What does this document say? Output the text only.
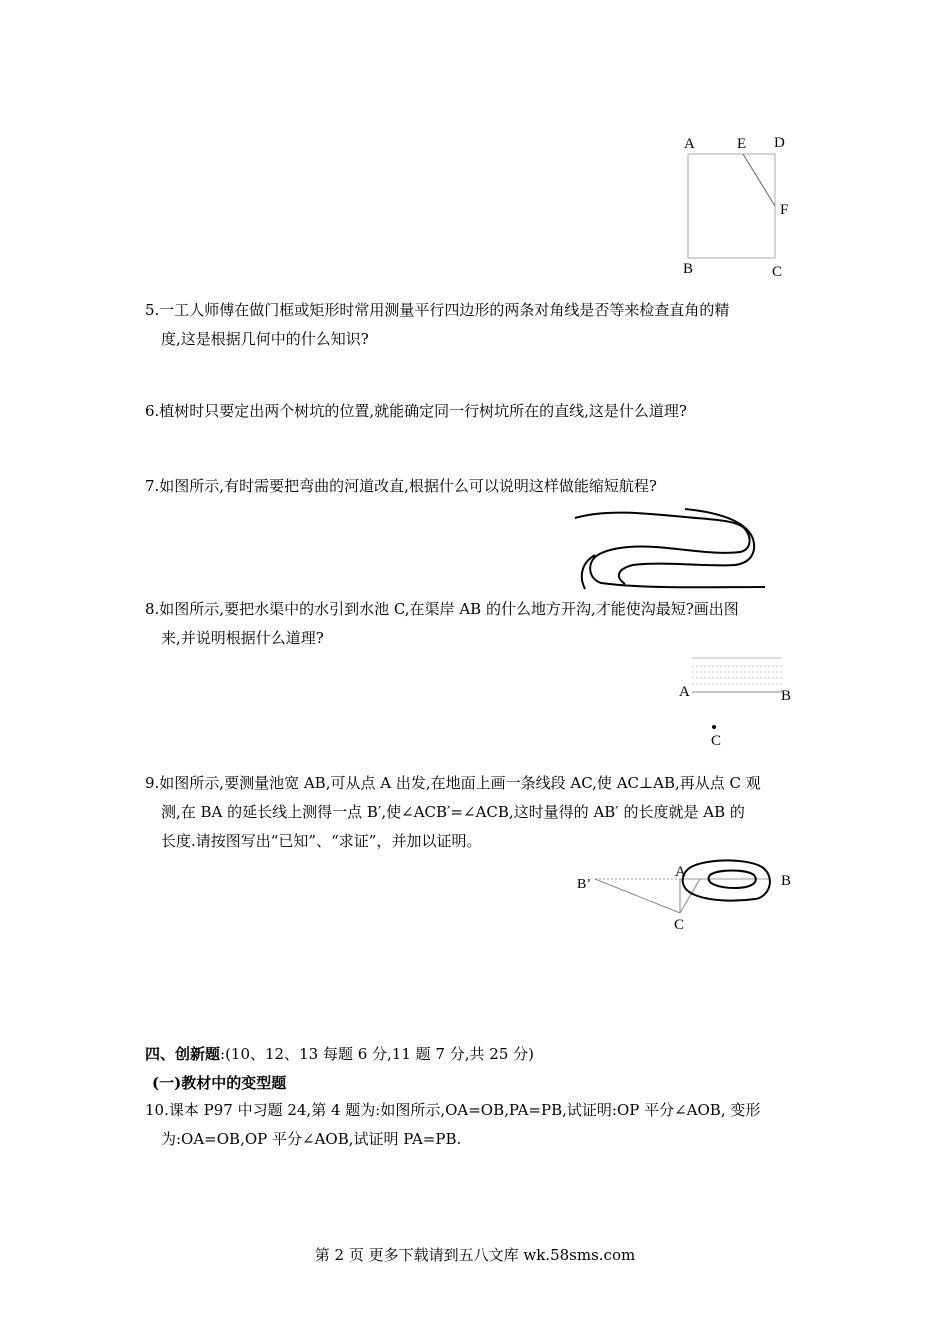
A	E D
F
B	C
5.一工人师傅在做门框或矩形时常用测量平行四边形的两条对角线是否等来检查直角的精
度,这是根据几何中的什么知识?
6.植树时只要定出两个树坑的位置,就能确定同一行树坑所在的直线,这是什么道理?
7.如图所示,有时需要把弯曲的河道改直,根据什么可以说明这样做能缩短航程?
8.如图所示,要把水渠中的水引到水池 C,在渠岸 AB 的什么地方开沟,才能使沟最短?画出图
来,并说明根据什么道理?
A	B
C
9.如图所示,要测量池宽 AB,可从点 A 出发,在地面上画一条线段 AC,使 AC⊥AB,再从点 C 观
测,在 BA 的延长线上测得一点 B′,使∠ACB′=∠ACB,这时量得的 AB′ 的长度就是 AB 的
长度.请按图写出“已知”、“求证”，并加以证明。
B’
A
B
C
四、创新题:(10、12、13 每题 6 分,11 题 7 分,共 25 分)
(一)教材中的变型题
10.课本 P97 中习题 24,第 4 题为:如图所示,OA=OB,PA=PB,试证明:OP 平分∠AOB, 变形
为:OA=OB,OP 平分∠AOB,试证明 PA=PB.
第 2 页 更多下载请到五八文库 wk.58sms.com
